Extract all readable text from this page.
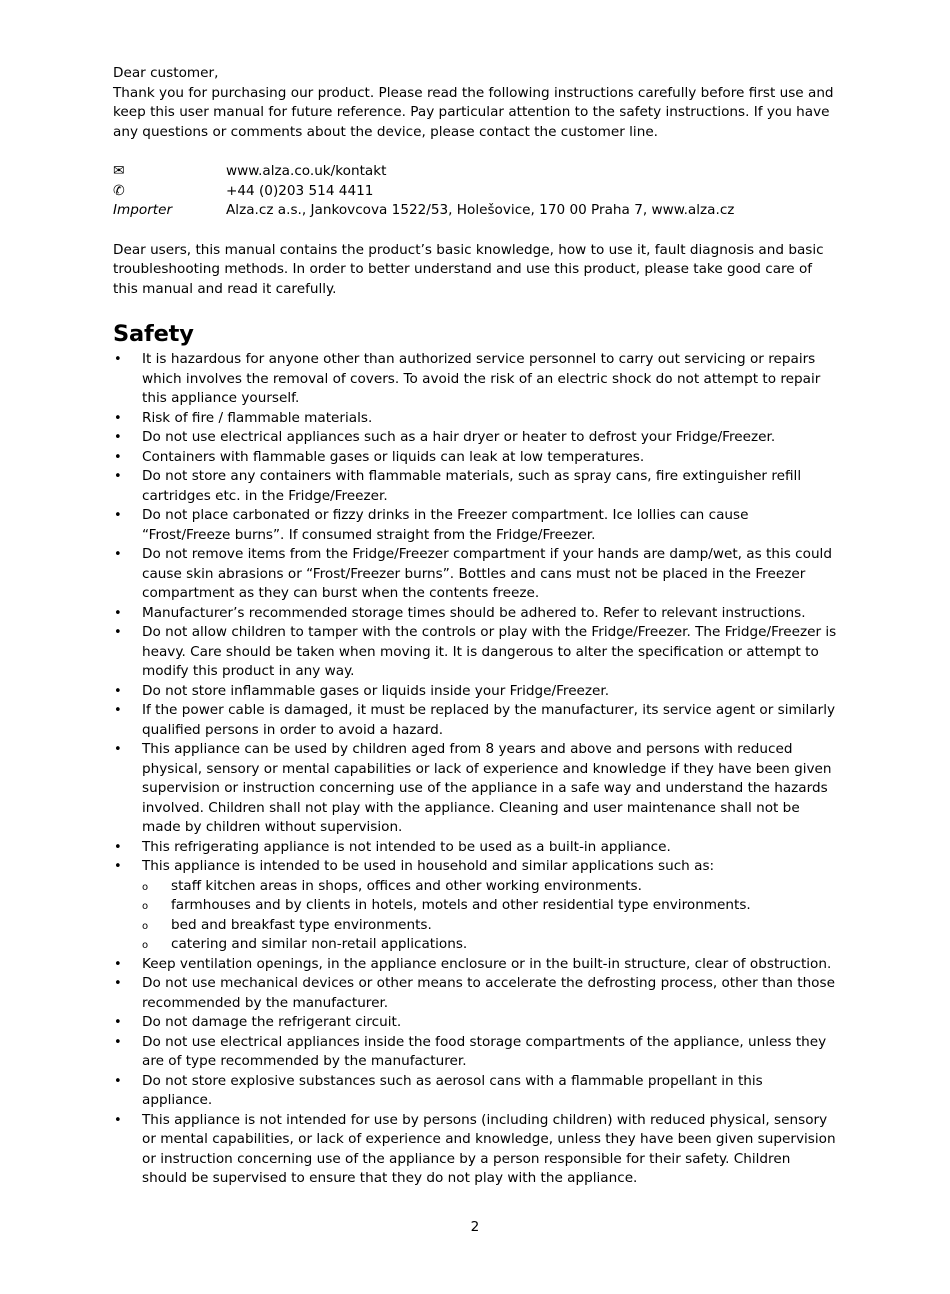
Dear customer,

Thank you for purchasing our product. Please read the following instructions carefully before first use and keep this user manual for future reference. Pay particular attention to the safety instructions. If you have any questions or comments about the device, please contact the customer line.

✉	www.alza.co.uk/kontakt
✆	+44 (0)203 514 4411
Importer	Alza.cz a.s., Jankovcova 1522/53, Holešovice, 170 00 Praha 7, www.alza.cz

Dear users, this manual contains the product’s basic knowledge, how to use it, fault diagnosis and basic troubleshooting methods. In order to better understand and use this product, please take good care of this manual and read it carefully.

Safety
• It is hazardous for anyone other than authorized service personnel to carry out servicing or repairs which involves the removal of covers. To avoid the risk of an electric shock do not attempt to repair this appliance yourself.
• Risk of fire / flammable materials.
• Do not use electrical appliances such as a hair dryer or heater to defrost your Fridge/Freezer.
• Containers with flammable gases or liquids can leak at low temperatures.
• Do not store any containers with flammable materials, such as spray cans, fire extinguisher refill cartridges etc. in the Fridge/Freezer.
• Do not place carbonated or fizzy drinks in the Freezer compartment. Ice lollies can cause “Frost/Freeze burns”. If consumed straight from the Fridge/Freezer.
• Do not remove items from the Fridge/Freezer compartment if your hands are damp/wet, as this could cause skin abrasions or “Frost/Freezer burns”. Bottles and cans must not be placed in the Freezer compartment as they can burst when the contents freeze.
• Manufacturer’s recommended storage times should be adhered to. Refer to relevant instructions.
• Do not allow children to tamper with the controls or play with the Fridge/Freezer. The Fridge/Freezer is heavy. Care should be taken when moving it. It is dangerous to alter the specification or attempt to modify this product in any way.
• Do not store inflammable gases or liquids inside your Fridge/Freezer.
• If the power cable is damaged, it must be replaced by the manufacturer, its service agent or similarly qualified persons in order to avoid a hazard.
• This appliance can be used by children aged from 8 years and above and persons with reduced physical, sensory or mental capabilities or lack of experience and knowledge if they have been given supervision or instruction concerning use of the appliance in a safe way and understand the hazards involved. Children shall not play with the appliance. Cleaning and user maintenance shall not be made by children without supervision.
• This refrigerating appliance is not intended to be used as a built-in appliance.
• This appliance is intended to be used in household and similar applications such as:
o staff kitchen areas in shops, offices and other working environments.
o farmhouses and by clients in hotels, motels and other residential type environments.
o bed and breakfast type environments.
o catering and similar non-retail applications.
• Keep ventilation openings, in the appliance enclosure or in the built-in structure, clear of obstruction.
• Do not use mechanical devices or other means to accelerate the defrosting process, other than those recommended by the manufacturer.
• Do not damage the refrigerant circuit.
• Do not use electrical appliances inside the food storage compartments of the appliance, unless they are of type recommended by the manufacturer.
• Do not store explosive substances such as aerosol cans with a flammable propellant in this appliance.
• This appliance is not intended for use by persons (including children) with reduced physical, sensory or mental capabilities, or lack of experience and knowledge, unless they have been given supervision or instruction concerning use of the appliance by a person responsible for their safety. Children should be supervised to ensure that they do not play with the appliance.
2
